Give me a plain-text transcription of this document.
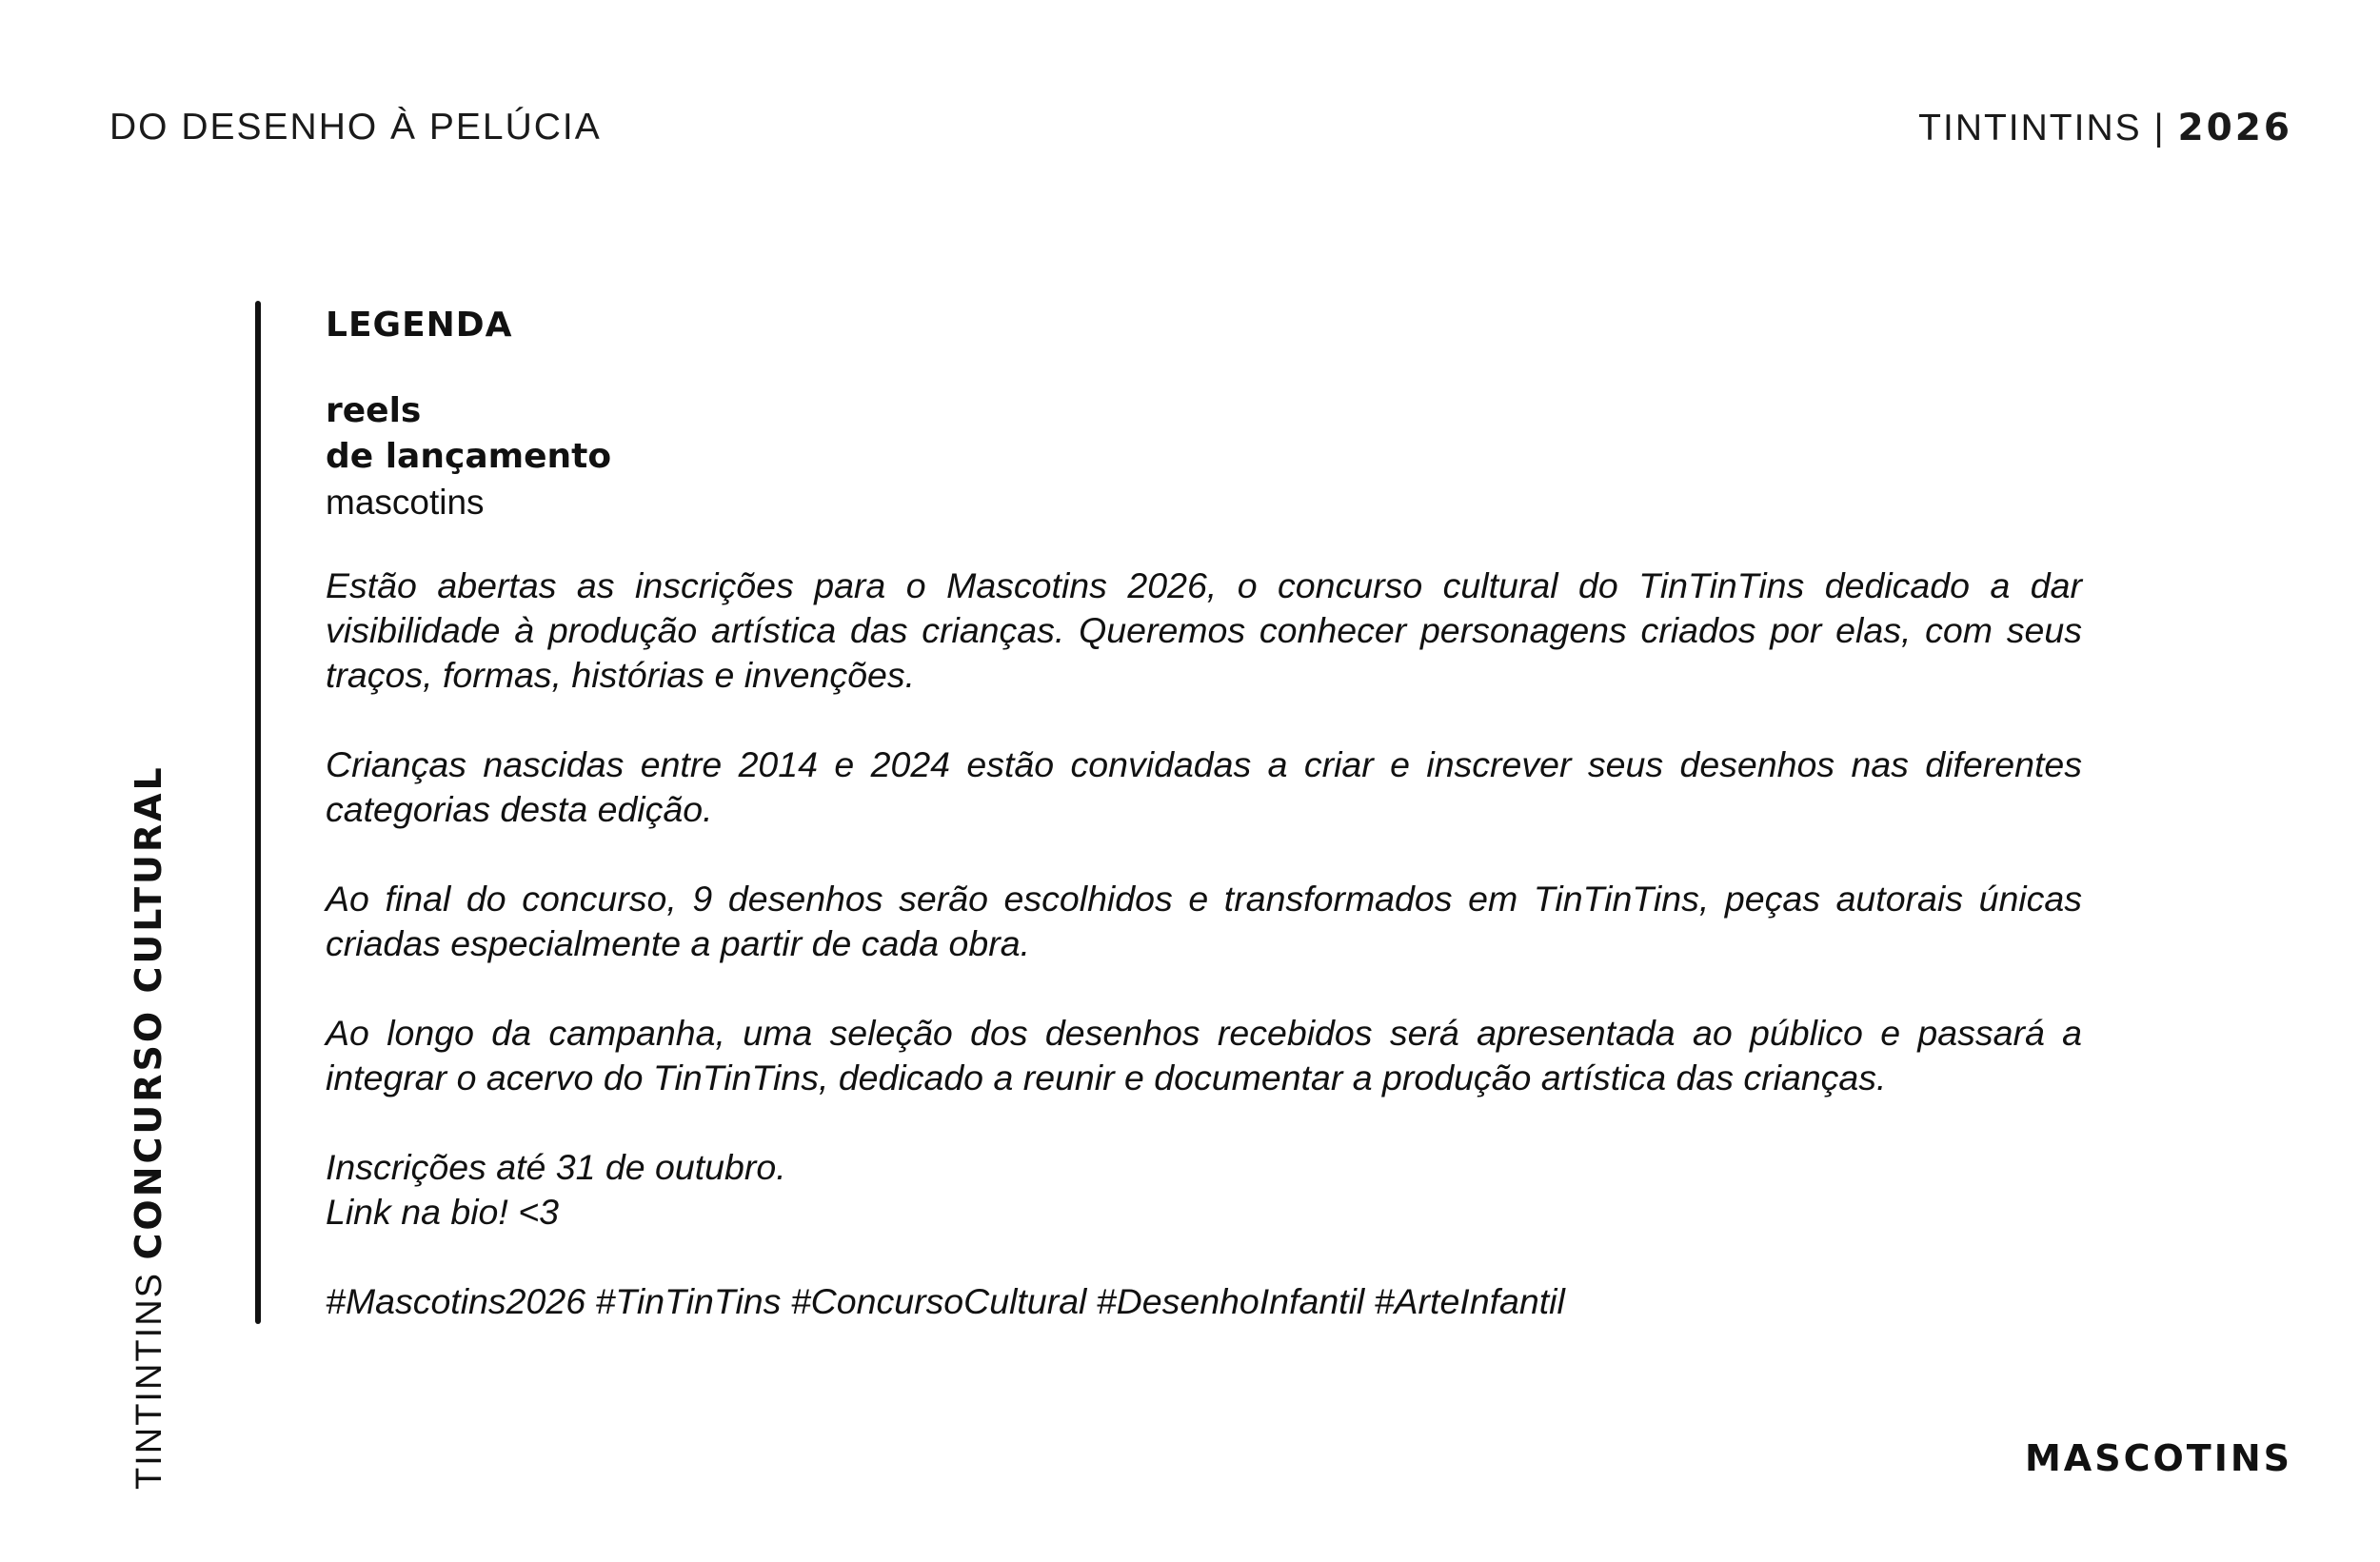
DO DESENHO À PELÚCIA	TINTINTINS | 2026
TINTINTINS CONCURSO CULTURAL
LEGENDA
reels
de lançamento
mascotins

Estão abertas as inscrições para o Mascotins 2026, o concurso cultural do TinTinTins dedicado a dar visibilidade à produção artística das crianças. Queremos conhecer personagens criados por elas, com seus traços, formas, histórias e invenções.

Crianças nascidas entre 2014 e 2024 estão convidadas a criar e inscrever seus desenhos nas diferentes categorias desta edição.

Ao final do concurso, 9 desenhos serão escolhidos e transformados em TinTinTins, peças autorais únicas criadas especialmente a partir de cada obra.

Ao longo da campanha, uma seleção dos desenhos recebidos será apresentada ao público e passará a integrar o acervo do TinTinTins, dedicado a reunir e documentar a produção artística das crianças.

Inscrições até 31 de outubro.
Link na bio! <3
#Mascotins2026 #TinTinTins #ConcursoCultural #DesenhoInfantil #ArteInfantil
MASCOTINS
